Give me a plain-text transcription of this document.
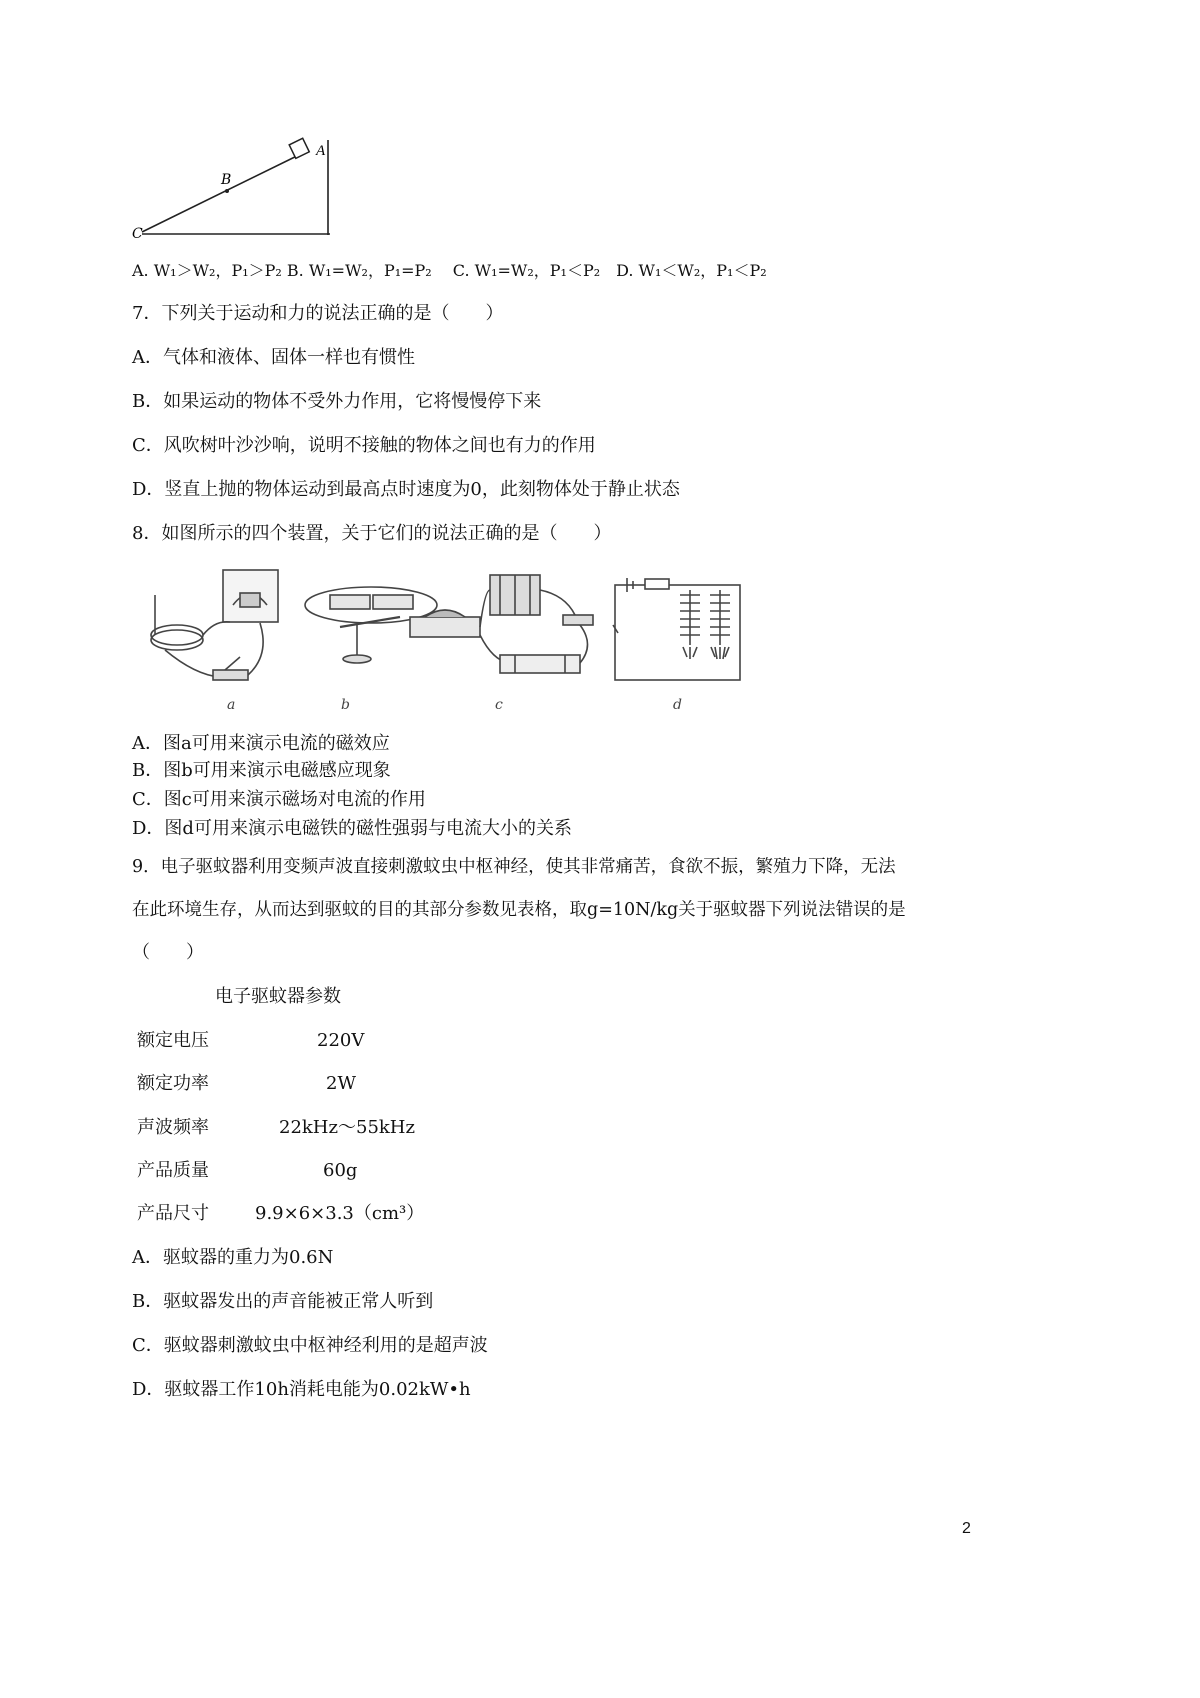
A
B
C
A. W₁＞W₂，P₁＞P₂ B. W₁=W₂，P₁=P₂　 C. W₁=W₂，P₁＜P₂　D. W₁＜W₂，P₁＜P₂
7．下列关于运动和力的说法正确的是（　　）
A．气体和液体、固体一样也有惯性
B．如果运动的物体不受外力作用，它将慢慢停下来
C．风吹树叶沙沙响，说明不接触的物体之间也有力的作用
D．竖直上抛的物体运动到最高点时速度为0，此刻物体处于静止状态
8．如图所示的四个装置，关于它们的说法正确的是（　　）
a	b	c	d
A．图a可用来演示电流的磁效应
B．图b可用来演示电磁感应现象
C．图c可用来演示磁场对电流的作用
D．图d可用来演示电磁铁的磁性强弱与电流大小的关系
9．电子驱蚊器利用变频声波直接刺激蚊虫中枢神经，使其非常痛苦，食欲不振，繁殖力下降，无法
在此环境生存，从而达到驱蚊的目的其部分参数见表格，取g=10N/kg关于驱蚊器下列说法错误的是
（　　）
电子驱蚊器参数
额定电压	220V
额定功率	2W
声波频率	22kHz～55kHz
产品质量	60g
产品尺寸	9.9×6×3.3（cm³）
A．驱蚊器的重力为0.6N
B．驱蚊器发出的声音能被正常人听到
C．驱蚊器刺激蚊虫中枢神经利用的是超声波
D．驱蚊器工作10h消耗电能为0.02kW•h
2
